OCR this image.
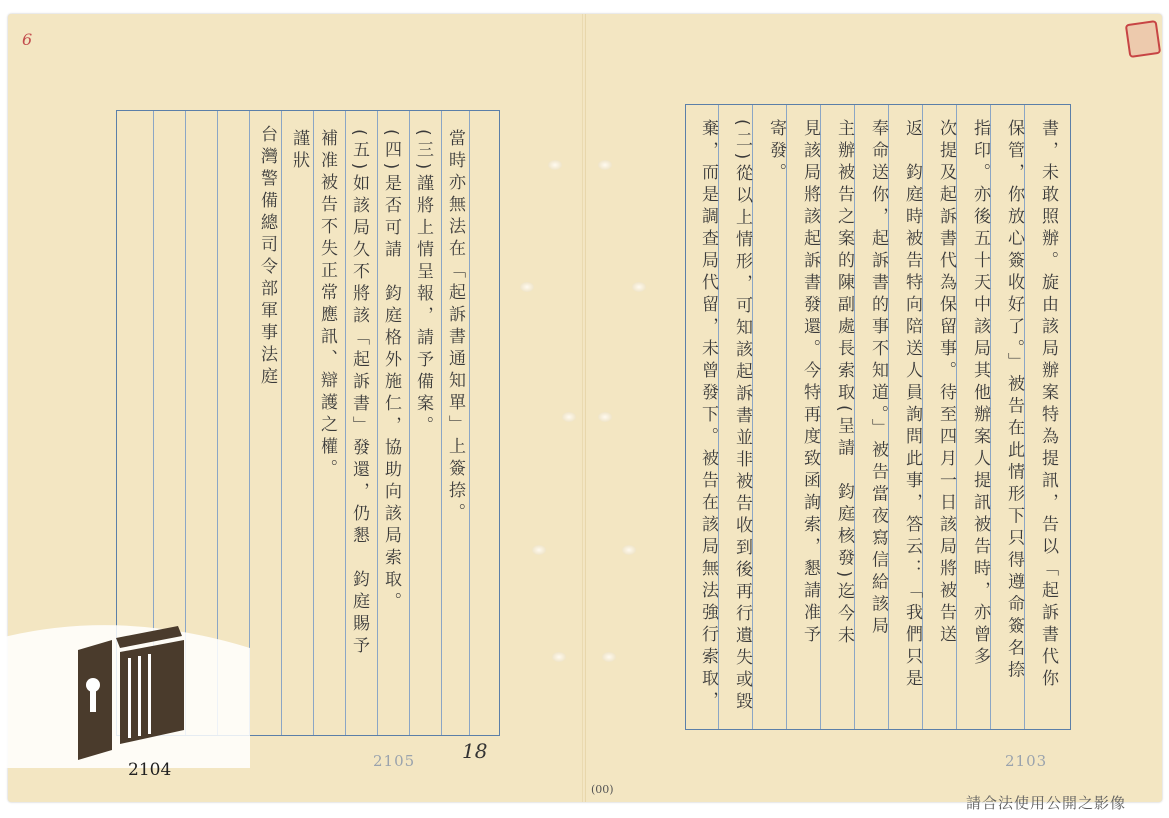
6
當時亦無法在「起訴書通知單」上簽捺。
(三)謹將上情呈報，請予備案。
(四)是否可請　鈞庭格外施仁，協助向該局索取。
(五)如該局久不將該「起訴書」發還，仍懇　鈞庭賜予
補准被告不失正常應訊、辯護之權。
謹狀
台灣警備總司令部軍事法庭	書，未敢照辦。旋由該局辦案特為提訊，告以「起訴書代你
保管，你放心簽收好了。」被告在此情形下只得遵命簽名捺
指印。亦後五十天中該局其他辦案人提訊被告時，亦曾多
次提及起訴書代為保留事。待至四月一日該局將被告送
返　鈞庭時被告特向陪送人員詢問此事，答云：「我們只是
奉命送你，起訴書的事不知道。」被告當夜寫信給該局
主辦被告之案的陳副處長索取(呈請　鈞庭核發)迄今未
見該局將該起訴書發還。今特再度致函詢索，懇請准予
寄發。
(二)從以上情形，可知該起訴書並非被告收到後再行遺失或毀
棄，而是調查局代留，未曾發下。被告在該局無法強行索取，
2105	2103
18
(00)
2104
請合法使用公開之影像
